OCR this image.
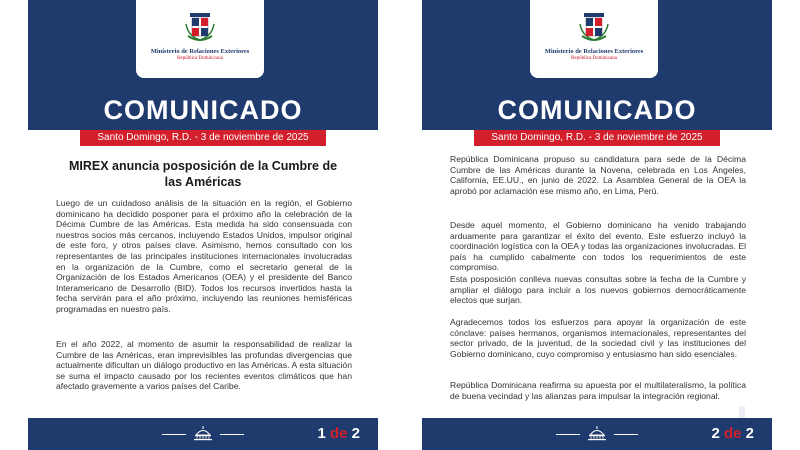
Ministerio de Relaciones Exteriores
República Dominicana
COMUNICADO
Santo Domingo, R.D. - 3 de noviembre de 2025
MIREX anuncia posposición de la Cumbre de las Américas

Luego de un cuidadoso análisis de la situación en la región, el Gobierno dominicano ha decidido posponer para el próximo año la celebración de la Décima Cumbre de las Américas. Esta medida ha sido consensuada con nuestros socios más cercanos, incluyendo Estados Unidos, impulsor original de este foro, y otros países clave. Asimismo, hemos consultado con los representantes de las principales instituciones internacionales involucradas en la organización de la Cumbre, como el secretario general de la Organización de los Estados Americanos (OEA) y el presidente del Banco Interamericano de Desarrollo (BID). Todos los recursos invertidos hasta la fecha servirán para el año próximo, incluyendo las reuniones hemisféricas programadas en nuestro país.

En el año 2022, al momento de asumir la responsabilidad de realizar la Cumbre de las Américas, eran imprevisibles las profundas divergencias que actualmente dificultan un diálogo productivo en las Américas. A esta situación se suma el impacto causado por los recientes eventos climáticos que han afectado gravemente a varios países del Caribe.

1 de 2
Ministerio de Relaciones Exteriores
República Dominicana
COMUNICADO
Santo Domingo, R.D. - 3 de noviembre de 2025

República Dominicana propuso su candidatura para sede de la Décima Cumbre de las Américas durante la Novena, celebrada en Los Ángeles, California, EE.UU., en junio de 2022. La Asamblea General de la OEA la aprobó por aclamación ese mismo año, en Lima, Perú.

Desde aquel momento, el Gobierno dominicano ha venido trabajando arduamente para garantizar el éxito del evento. Este esfuerzo incluyó la coordinación logística con la OEA y todas las organizaciones involucradas. El país ha cumplido cabalmente con todos los requerimientos de este compromiso.

Esta posposición conlleva nuevas consultas sobre la fecha de la Cumbre y ampliar el diálogo para incluir a los nuevos gobiernos democráticamente electos que surjan.

Agradecemos todos los esfuerzos para apoyar la organización de este cónclave: países hermanos, organismos internacionales, representantes del sector privado, de la juventud, de la sociedad civil y las instituciones del Gobierno dominicano, cuyo compromiso y entusiasmo han sido esenciales.

República Dominicana reafirma su apuesta por el multilateralismo, la política de buena vecindad y las alianzas para impulsar la integración regional.

2 de 2
